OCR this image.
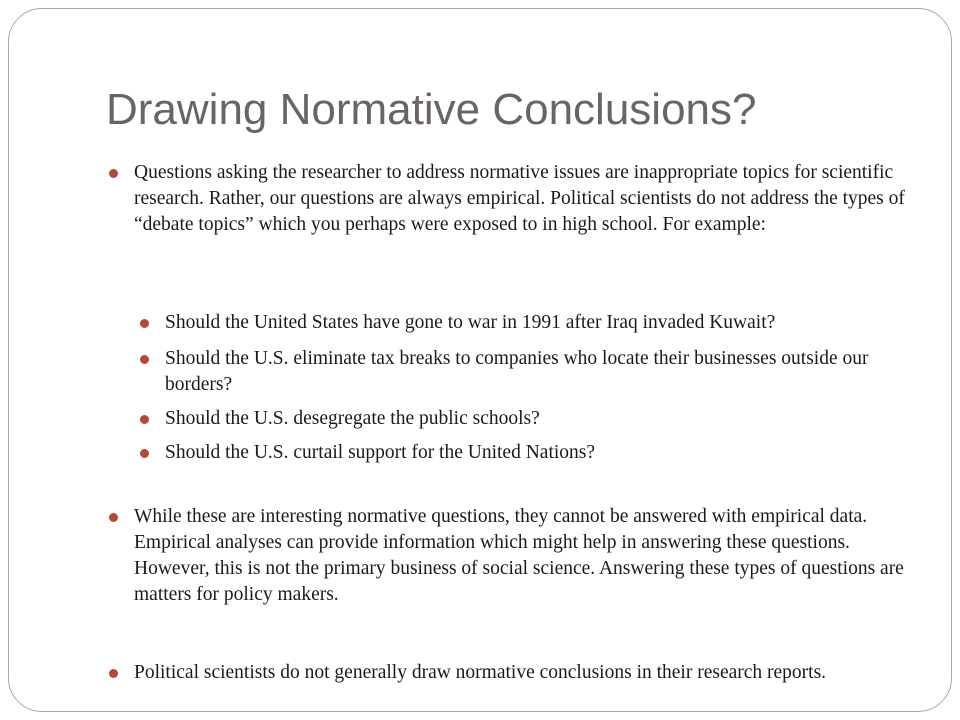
Drawing Normative Conclusions?
Questions asking the researcher to address normative issues are inappropriate topics for scientific research. Rather, our questions are always empirical. Political scientists do not address the types of “debate topics” which you perhaps were exposed to in high school. For example:
Should the United States have gone to war in 1991 after Iraq invaded Kuwait?
Should the U.S. eliminate tax breaks to companies who locate their businesses outside our borders?
Should the U.S. desegregate the public schools?
Should the U.S. curtail support for the United Nations?
While these are interesting normative questions, they cannot be answered with empirical data. Empirical analyses can provide information which might help in answering these questions. However, this is not the primary business of social science. Answering these types of questions are matters for policy makers.
Political scientists do not generally draw normative conclusions in their research reports.
